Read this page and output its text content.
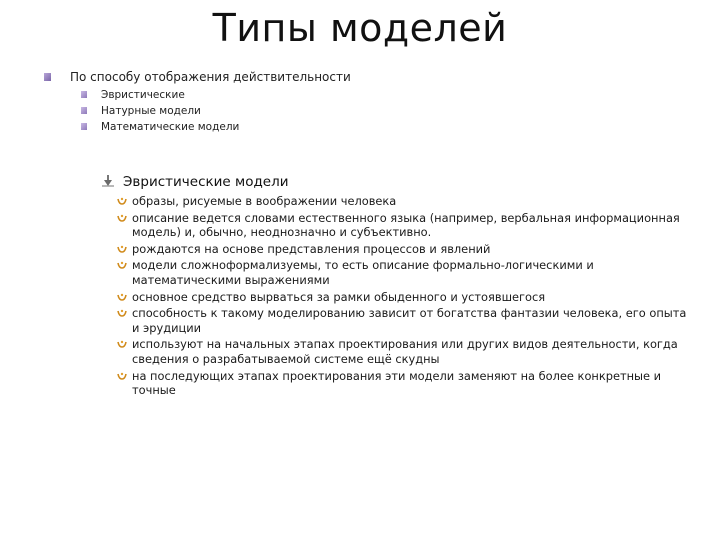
Типы моделей
По способу отображения действительности
Эвристические
Натурные модели
Математические модели
Эвристические модели
образы, рисуемые в воображении человека
описание ведется словами естественного языка (например, вербальная информационная модель) и, обычно, неоднозначно и субъективно.
рождаются на основе представления процессов и явлений
модели сложноформализуемы, то есть описание формально-логическими и математическими выражениями
основное средство вырваться за рамки обыденного и устоявшегося
способность к такому моделированию зависит от богатства фантазии человека, его опыта и эрудиции
используют на начальных этапах проектирования или других видов деятельности, когда сведения о разрабатываемой системе ещё скудны
на последующих этапах проектирования эти модели заменяют на более конкретные и точные
